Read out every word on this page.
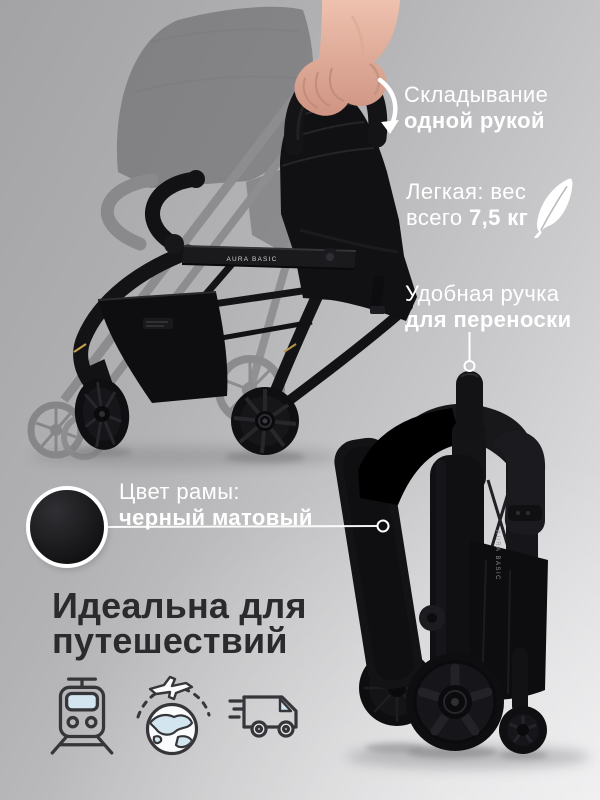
AURA BASIC
AURA BASIC
Складывание
одной рукой
Легкая: вес
всего 7,5 кг
Удобная ручка
для переноски
Цвет рамы:
черный матовый
Идеальна для
путешествий
